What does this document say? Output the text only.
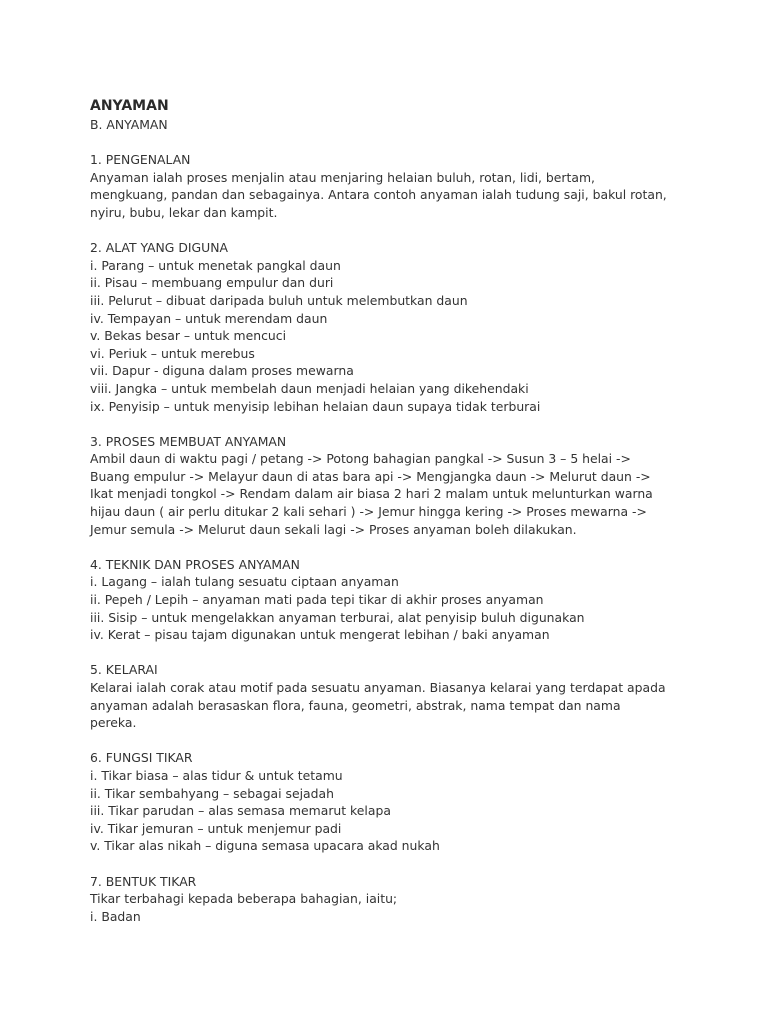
ANYAMAN
B. ANYAMAN
1. PENGENALAN
Anyaman ialah proses menjalin atau menjaring helaian buluh, rotan, lidi, bertam,
mengkuang, pandan dan sebagainya. Antara contoh anyaman ialah tudung saji, bakul rotan,
nyiru, bubu, lekar dan kampit.
2. ALAT YANG DIGUNA
i. Parang – untuk menetak pangkal daun
ii. Pisau – membuang empulur dan duri
iii. Pelurut – dibuat daripada buluh untuk melembutkan daun
iv. Tempayan – untuk merendam daun
v. Bekas besar – untuk mencuci
vi. Periuk – untuk merebus
vii. Dapur - diguna dalam proses mewarna
viii. Jangka – untuk membelah daun menjadi helaian yang dikehendaki
ix. Penyisip – untuk menyisip lebihan helaian daun supaya tidak terburai
3. PROSES MEMBUAT ANYAMAN
Ambil daun di waktu pagi / petang -> Potong bahagian pangkal -> Susun 3 – 5 helai ->
Buang empulur -> Melayur daun di atas bara api -> Mengjangka daun -> Melurut daun ->
Ikat menjadi tongkol -> Rendam dalam air biasa 2 hari 2 malam untuk melunturkan warna
hijau daun ( air perlu ditukar 2 kali sehari ) -> Jemur hingga kering -> Proses mewarna ->
Jemur semula -> Melurut daun sekali lagi -> Proses anyaman boleh dilakukan.
4. TEKNIK DAN PROSES ANYAMAN
i. Lagang – ialah tulang sesuatu ciptaan anyaman
ii. Pepeh / Lepih – anyaman mati pada tepi tikar di akhir proses anyaman
iii. Sisip – untuk mengelakkan anyaman terburai, alat penyisip buluh digunakan
iv. Kerat – pisau tajam digunakan untuk mengerat lebihan / baki anyaman
5. KELARAI
Kelarai ialah corak atau motif pada sesuatu anyaman. Biasanya kelarai yang terdapat apada
anyaman adalah berasaskan flora, fauna, geometri, abstrak, nama tempat dan nama
pereka.
6. FUNGSI TIKAR
i. Tikar biasa – alas tidur & untuk tetamu
ii. Tikar sembahyang – sebagai sejadah
iii. Tikar parudan – alas semasa memarut kelapa
iv. Tikar jemuran – untuk menjemur padi
v. Tikar alas nikah – diguna semasa upacara akad nukah
7. BENTUK TIKAR
Tikar terbahagi kepada beberapa bahagian, iaitu;
i. Badan
